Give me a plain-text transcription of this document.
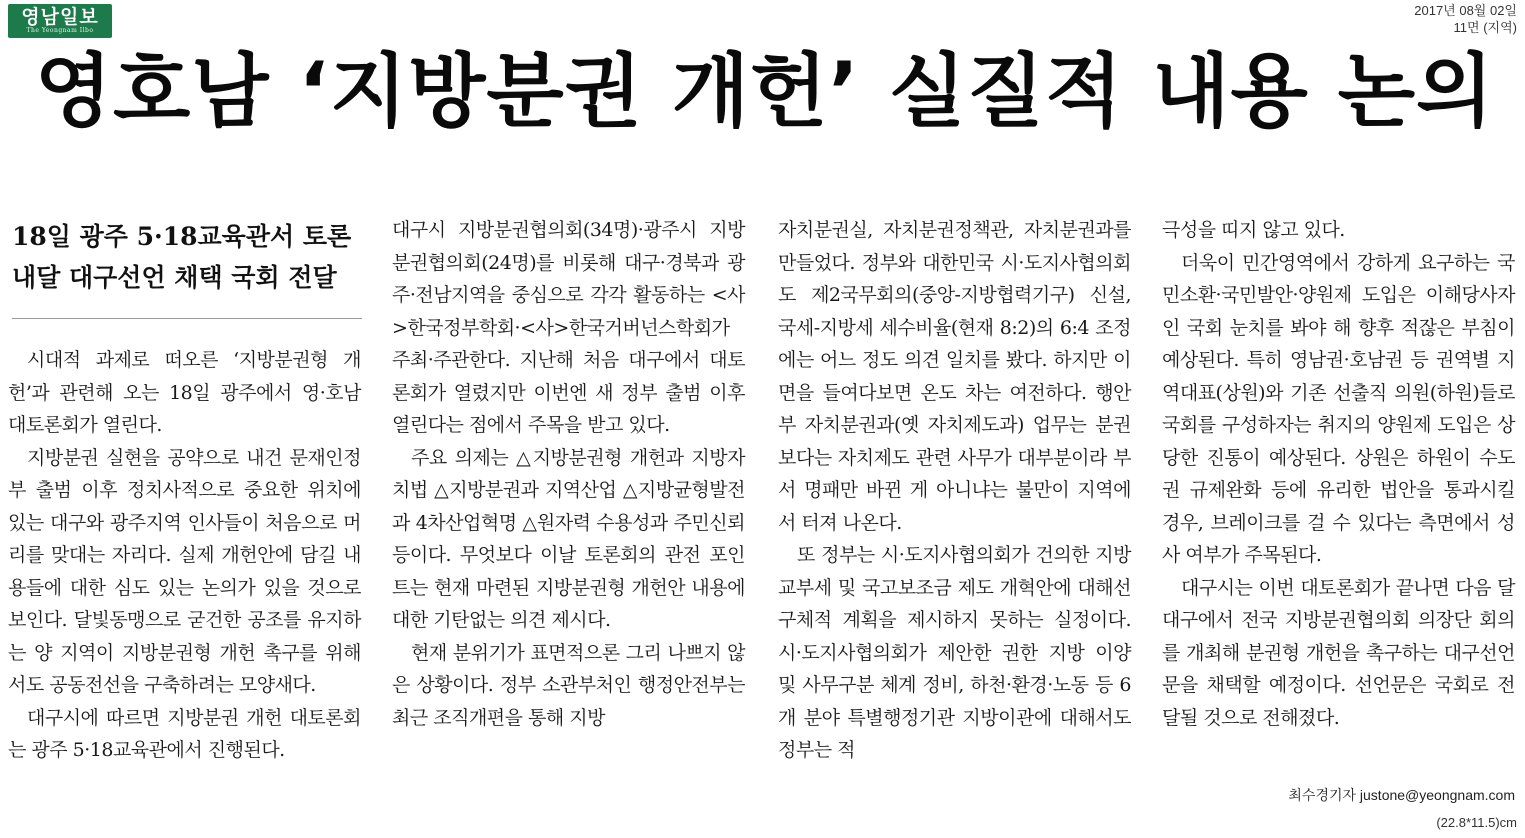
영남일보
The Yeongnam Ilbo
2017년 08월 02일
11면 (지역)
영호남 ‘지방분권 개헌’ 실질적 내용 논의
18일 광주 5·18교육관서 토론
내달 대구선언 채택 국회 전달

시대적 과제로 떠오른 ‘지방분권형 개헌’과 관련해 오는 18일 광주에서 영·호남 대토론회가 열린다.

지방분권 실현을 공약으로 내건 문재인정부 출범 이후 정치사적으로 중요한 위치에 있는 대구와 광주지역 인사들이 처음으로 머리를 맞대는 자리다. 실제 개헌안에 담길 내용들에 대한 심도 있는 논의가 있을 것으로 보인다. 달빛동맹으로 굳건한 공조를 유지하는 양 지역이 지방분권형 개헌 촉구를 위해서도 공동전선을 구축하려는 모양새다.

대구시에 따르면 지방분권 개헌 대토론회는 광주 5·18교육관에서 진행된다.

대구시 지방분권협의회(34명)·광주시 지방분권협의회(24명)를 비롯해 대구·경북과 광주·전남지역을 중심으로 각각 활동하는 <사>한국정부학회·<사>한국거버넌스학회가 주최·주관한다. 지난해 처음 대구에서 대토론회가 열렸지만 이번엔 새 정부 출범 이후 열린다는 점에서 주목을 받고 있다.

주요 의제는 △지방분권형 개헌과 지방자치법 △지방분권과 지역산업 △지방균형발전과 4차산업혁명 △원자력 수용성과 주민신뢰 등이다. 무엇보다 이날 토론회의 관전 포인트는 현재 마련된 지방분권형 개헌안 내용에 대한 기탄없는 의견 제시다.

현재 분위기가 표면적으론 그리 나쁘지 않은 상황이다. 정부 소관부처인 행정안전부는 최근 조직개편을 통해 지방

자치분권실, 자치분권정책관, 자치분권과를 만들었다. 정부와 대한민국 시·도지사협의회도 제2국무회의(중앙-지방협력기구) 신설, 국세-지방세 세수비율(현재 8:2)의 6:4 조정에는 어느 정도 의견 일치를 봤다. 하지만 이면을 들여다보면 온도 차는 여전하다. 행안부 자치분권과(옛 자치제도과) 업무는 분권보다는 자치제도 관련 사무가 대부분이라 부서 명패만 바뀐 게 아니냐는 불만이 지역에서 터져 나온다.

또 정부는 시·도지사협의회가 건의한 지방교부세 및 국고보조금 제도 개혁안에 대해선 구체적 계획을 제시하지 못하는 실정이다. 시·도지사협의회가 제안한 권한 지방 이양 및 사무구분 체계 정비, 하천·환경·노동 등 6개 분야 특별행정기관 지방이관에 대해서도 정부는 적

극성을 띠지 않고 있다.

더욱이 민간영역에서 강하게 요구하는 국민소환·국민발안·양원제 도입은 이해당사자인 국회 눈치를 봐야 해 향후 적잖은 부침이 예상된다. 특히 영남권·호남권 등 권역별 지역대표(상원)와 기존 선출직 의원(하원)들로 국회를 구성하자는 취지의 양원제 도입은 상당한 진통이 예상된다. 상원은 하원이 수도권 규제완화 등에 유리한 법안을 통과시킬 경우, 브레이크를 걸 수 있다는 측면에서 성사 여부가 주목된다.

대구시는 이번 대토론회가 끝나면 다음 달 대구에서 전국 지방분권협의회 의장단 회의를 개최해 분권형 개헌을 촉구하는 대구선언문을 채택할 예정이다. 선언문은 국회로 전달될 것으로 전해졌다.

최수경기자 justone@yeongnam.com
(22.8*11.5)cm
